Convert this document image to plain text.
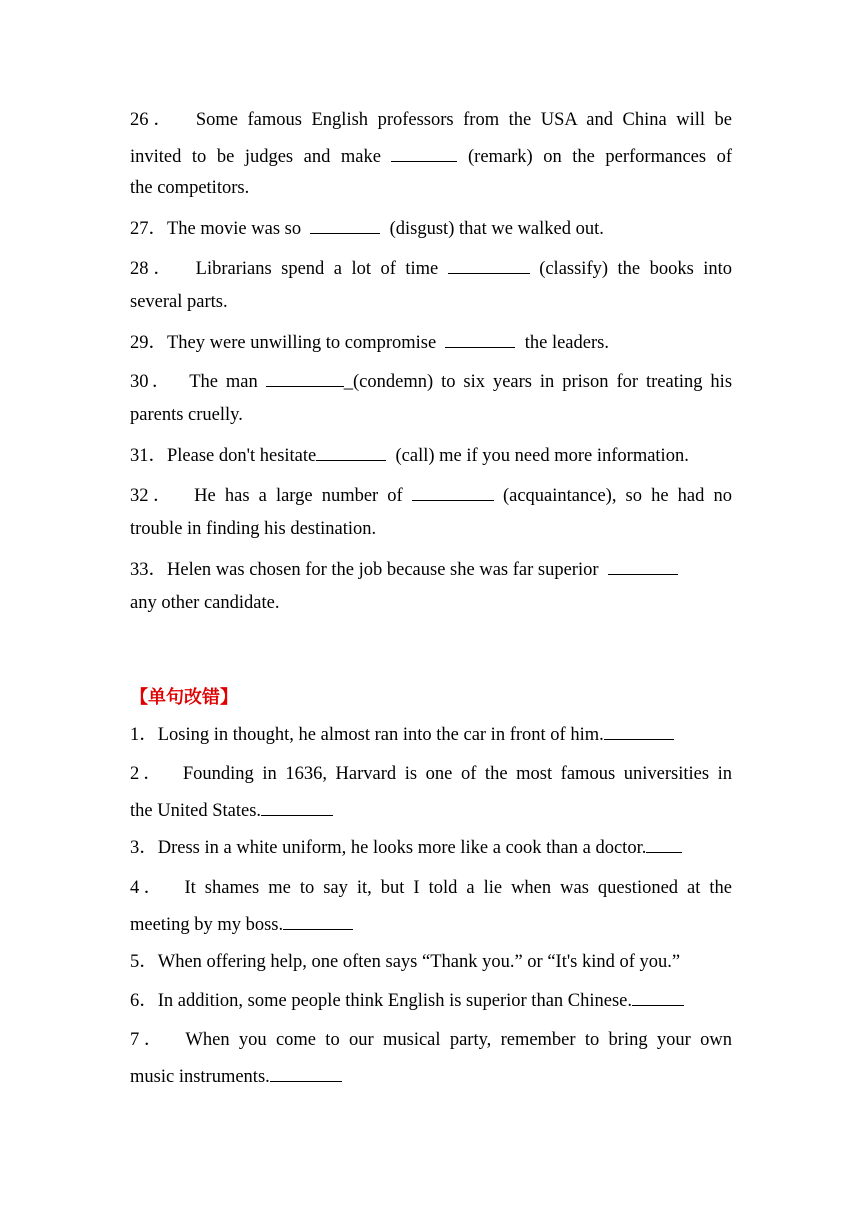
26．  Some famous English professors from the USA and China will be
invited to be judges and make	(remark) on the performances of
the competitors.
27．The movie was so	(disgust) that we walked out.
28．  Librarians spend a lot of time	(classify) the books into
several parts.
29．They were unwilling to compromise	the leaders.
30．  The man	_(condemn) to six years in prison for treating his
parents cruelly.
31．Please don't hesitate	(call) me if you need more information.
32．  He has a large number of	(acquaintance), so he had no
trouble in finding his destination.
33．Helen was chosen for the job because she was far superior
any other candidate.
【单句改错】
1．Losing in thought, he almost ran into the car in front of him.
2．  Founding in 1636, Harvard is one of the most famous universities in
the United States.
3．Dress in a white uniform, he looks more like a cook than a doctor.
4．  It shames me to say it, but I told a lie when was questioned at the
meeting by my boss.
5．When offering help, one often says “Thank you.” or “It's kind of you.”
6．In addition, some people think English is superior than Chinese.
7．  When you come to our musical party, remember to bring your own
music instruments.
